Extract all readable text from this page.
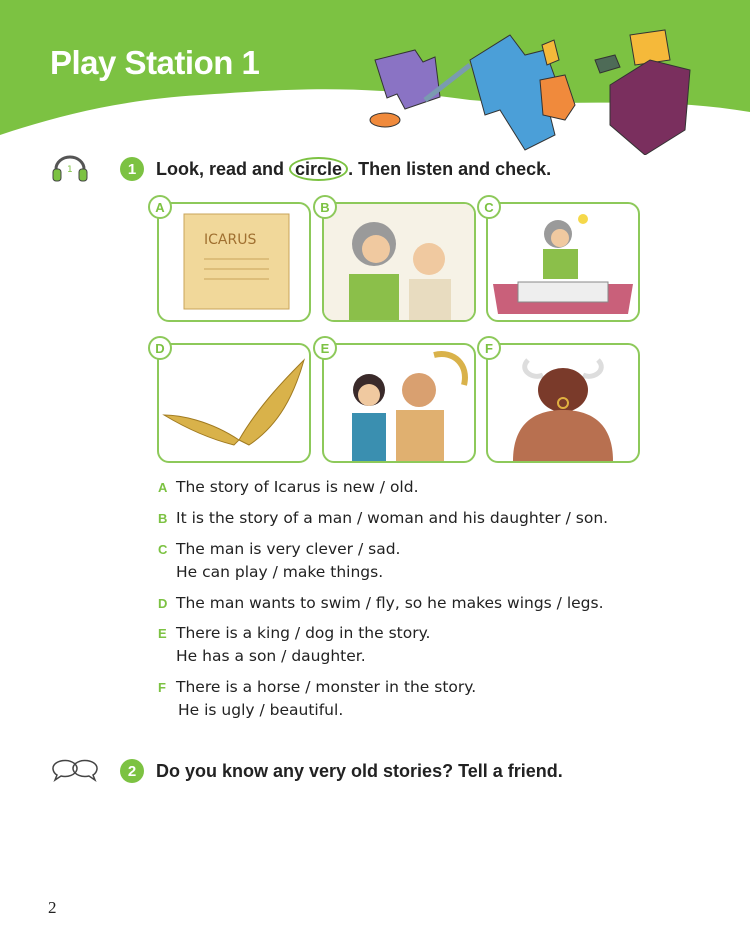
Play Station 1
1	1	Look, read and circle . Then listen and check.
A
ICARUS
B	C
D	E	F
A The story of Icarus is new / old.
B It is the story of a man / woman and his daughter / son.
C The man is very clever / sad.
He can play / make things.
D The man wants to swim / fly, so he makes wings / legs.
E There is a king / dog in the story.
He has a son / daughter.
F There is a horse / monster in the story.
He is ugly / beautiful.
2	Do you know any very old stories? Tell a friend.
2
